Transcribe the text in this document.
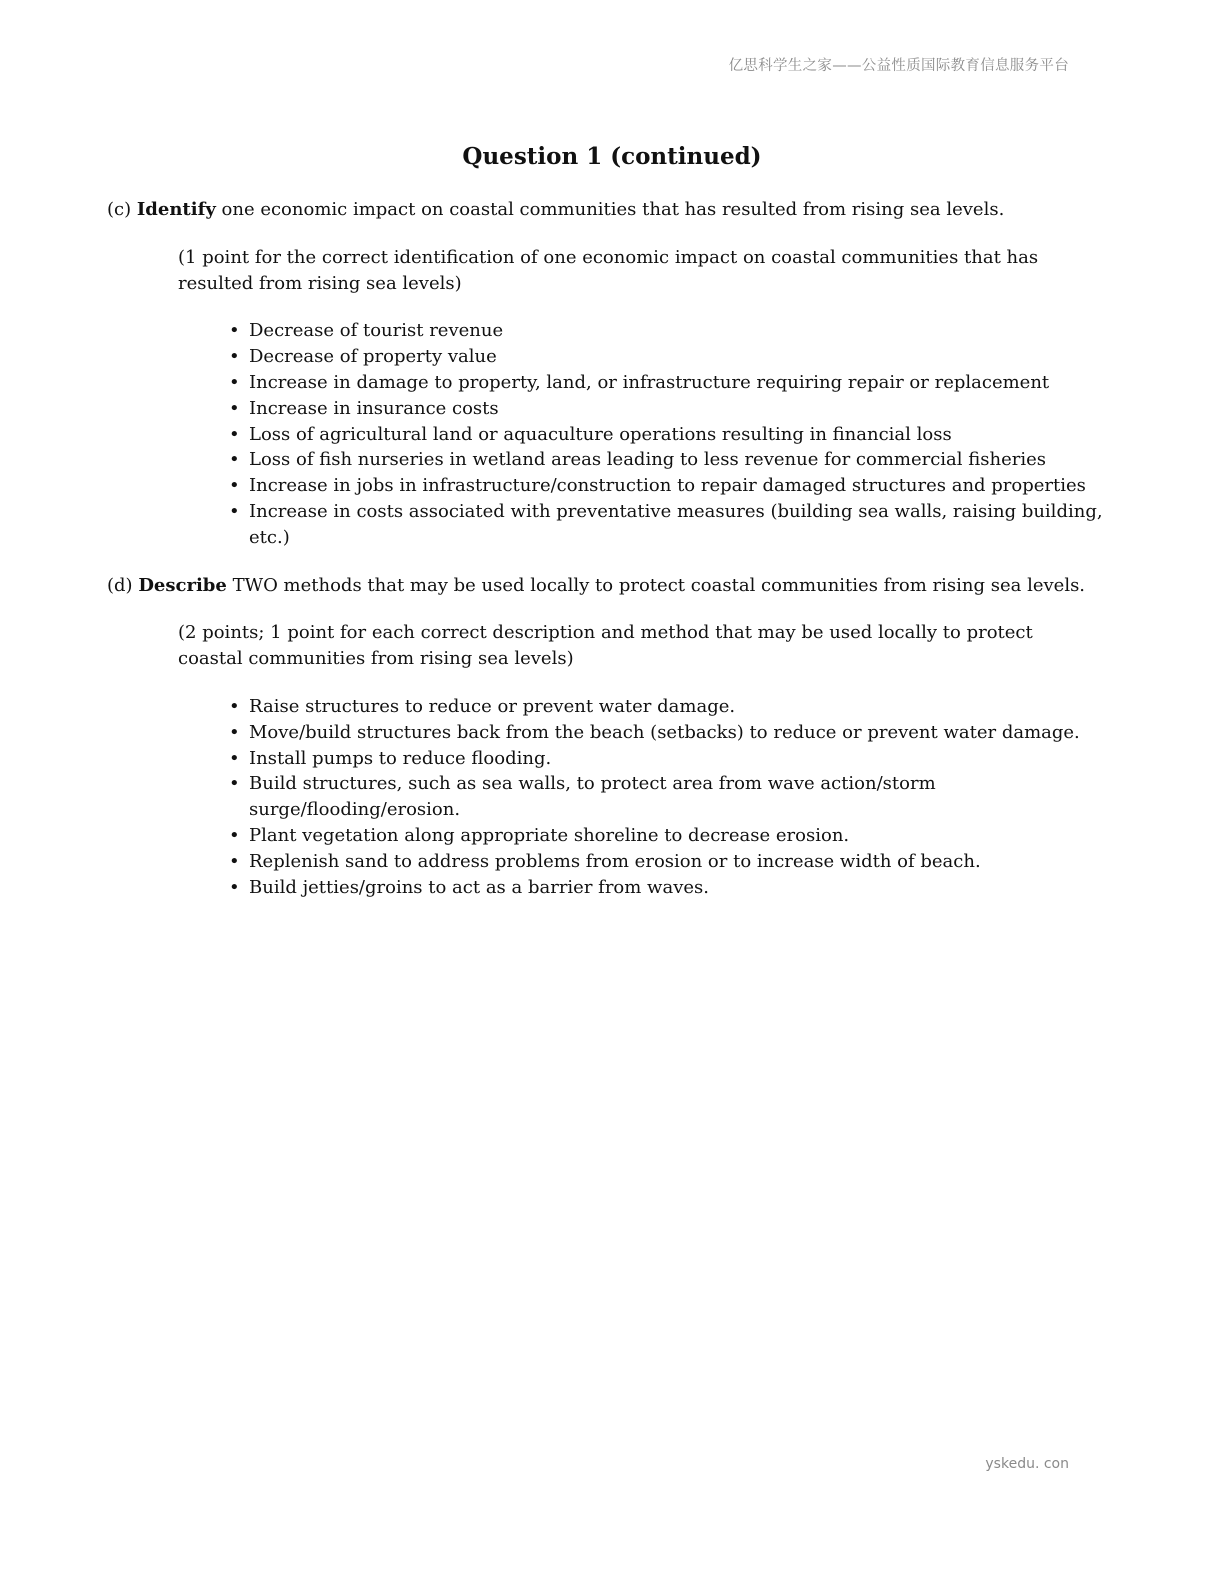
亿思科学生之家——公益性质国际教育信息服务平台
Question 1 (continued)

(c) Identify one economic impact on coastal communities that has resulted from rising sea levels.

(1 point for the correct identification of one economic impact on coastal communities that has resulted from rising sea levels)
• Decrease of tourist revenue
• Decrease of property value
• Increase in damage to property, land, or infrastructure requiring repair or replacement
• Increase in insurance costs
• Loss of agricultural land or aquaculture operations resulting in financial loss
• Loss of fish nurseries in wetland areas leading to less revenue for commercial fisheries
• Increase in jobs in infrastructure/construction to repair damaged structures and properties
• Increase in costs associated with preventative measures (building sea walls, raising building, etc.)

(d) Describe TWO methods that may be used locally to protect coastal communities from rising sea levels.

(2 points; 1 point for each correct description and method that may be used locally to protect coastal communities from rising sea levels)
• Raise structures to reduce or prevent water damage.
• Move/build structures back from the beach (setbacks) to reduce or prevent water damage.
• Install pumps to reduce flooding.
• Build structures, such as sea walls, to protect area from wave action/storm surge/flooding/erosion.
• Plant vegetation along appropriate shoreline to decrease erosion.
• Replenish sand to address problems from erosion or to increase width of beach.
• Build jetties/groins to act as a barrier from waves.
yskedu. con
